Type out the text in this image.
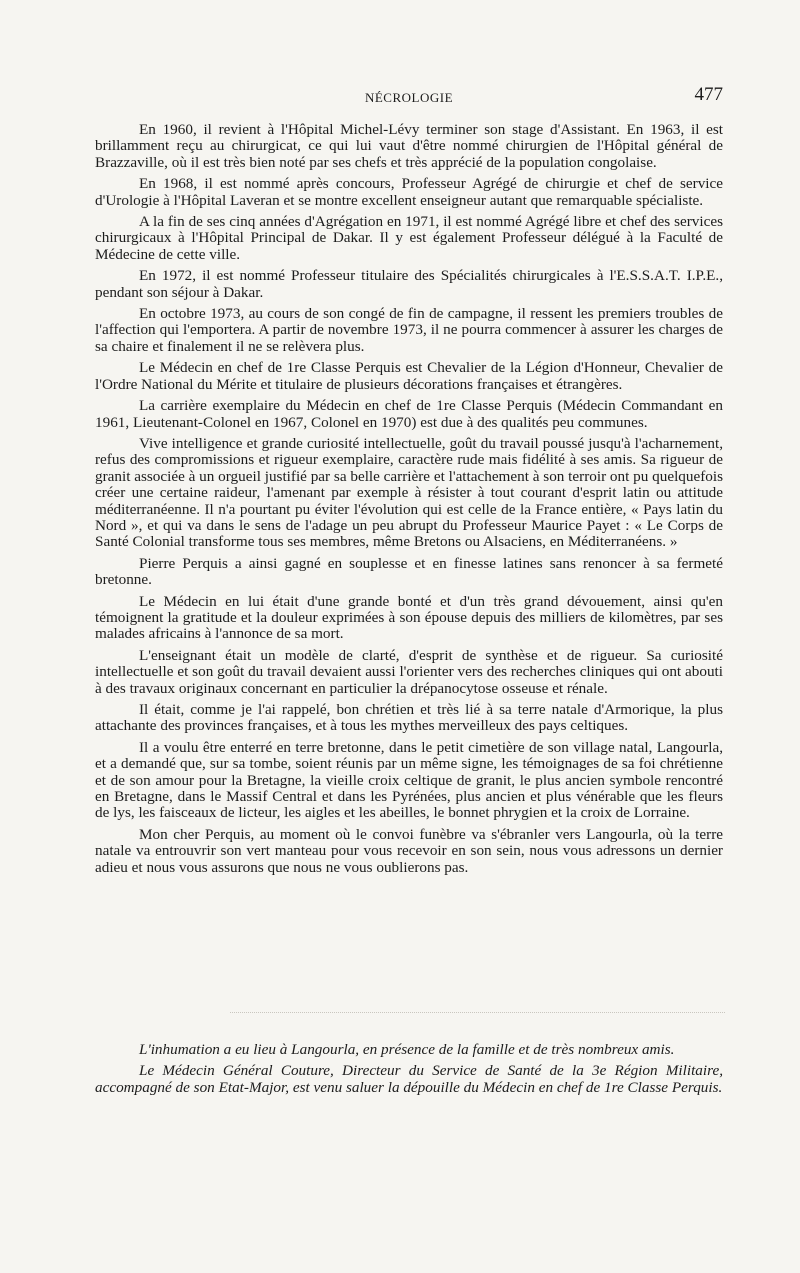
NÉCROLOGIE	477

En 1960, il revient à l'Hôpital Michel-Lévy terminer son stage d'Assistant. En 1963, il est brillamment reçu au chirurgicat, ce qui lui vaut d'être nommé chirurgien de l'Hôpital général de Brazzaville, où il est très bien noté par ses chefs et très apprécié de la population congolaise.

En 1968, il est nommé après concours, Professeur Agrégé de chirurgie et chef de service d'Urologie à l'Hôpital Laveran et se montre excellent enseigneur autant que remarquable spécialiste.

A la fin de ses cinq années d'Agrégation en 1971, il est nommé Agrégé libre et chef des services chirurgicaux à l'Hôpital Principal de Dakar. Il y est également Professeur délégué à la Faculté de Médecine de cette ville.

En 1972, il est nommé Professeur titulaire des Spécialités chirurgicales à l'E.S.S.A.T. I.P.E., pendant son séjour à Dakar.

En octobre 1973, au cours de son congé de fin de campagne, il ressent les premiers troubles de l'affection qui l'emportera. A partir de novembre 1973, il ne pourra commencer à assurer les charges de sa chaire et finalement il ne se relèvera plus.

Le Médecin en chef de 1re Classe Perquis est Chevalier de la Légion d'Honneur, Chevalier de l'Ordre National du Mérite et titulaire de plusieurs décorations françaises et étrangères.

La carrière exemplaire du Médecin en chef de 1re Classe Perquis (Médecin Commandant en 1961, Lieutenant-Colonel en 1967, Colonel en 1970) est due à des qualités peu communes.

Vive intelligence et grande curiosité intellectuelle, goût du travail poussé jusqu'à l'acharnement, refus des compromissions et rigueur exemplaire, caractère rude mais fidélité à ses amis. Sa rigueur de granit associée à un orgueil justifié par sa belle carrière et l'attachement à son terroir ont pu quelquefois créer une certaine raideur, l'amenant par exemple à résister à tout courant d'esprit latin ou attitude méditerranéenne. Il n'a pourtant pu éviter l'évolution qui est celle de la France entière, « Pays latin du Nord », et qui va dans le sens de l'adage un peu abrupt du Professeur Maurice Payet : « Le Corps de Santé Colonial transforme tous ses membres, même Bretons ou Alsaciens, en Méditerranéens. »

Pierre Perquis a ainsi gagné en souplesse et en finesse latines sans renoncer à sa fermeté bretonne.

Le Médecin en lui était d'une grande bonté et d'un très grand dévouement, ainsi qu'en témoignent la gratitude et la douleur exprimées à son épouse depuis des milliers de kilomètres, par ses malades africains à l'annonce de sa mort.

L'enseignant était un modèle de clarté, d'esprit de synthèse et de rigueur. Sa curiosité intellectuelle et son goût du travail devaient aussi l'orienter vers des recherches cliniques qui ont abouti à des travaux originaux concernant en particulier la drépanocytose osseuse et rénale.

Il était, comme je l'ai rappelé, bon chrétien et très lié à sa terre natale d'Armorique, la plus attachante des provinces françaises, et à tous les mythes merveilleux des pays celtiques.

Il a voulu être enterré en terre bretonne, dans le petit cimetière de son village natal, Langourla, et a demandé que, sur sa tombe, soient réunis par un même signe, les témoignages de sa foi chrétienne et de son amour pour la Bretagne, la vieille croix celtique de granit, le plus ancien symbole rencontré en Bretagne, dans le Massif Central et dans les Pyrénées, plus ancien et plus vénérable que les fleurs de lys, les faisceaux de licteur, les aigles et les abeilles, le bonnet phrygien et la croix de Lorraine.

Mon cher Perquis, au moment où le convoi funèbre va s'ébranler vers Langourla, où la terre natale va entrouvrir son vert manteau pour vous recevoir en son sein, nous vous adressons un dernier adieu et nous vous assurons que nous ne vous oublierons pas.

L'inhumation a eu lieu à Langourla, en présence de la famille et de très nombreux amis.

Le Médecin Général Couture, Directeur du Service de Santé de la 3e Région Militaire, accompagné de son Etat-Major, est venu saluer la dépouille du Médecin en chef de 1re Classe Perquis.
